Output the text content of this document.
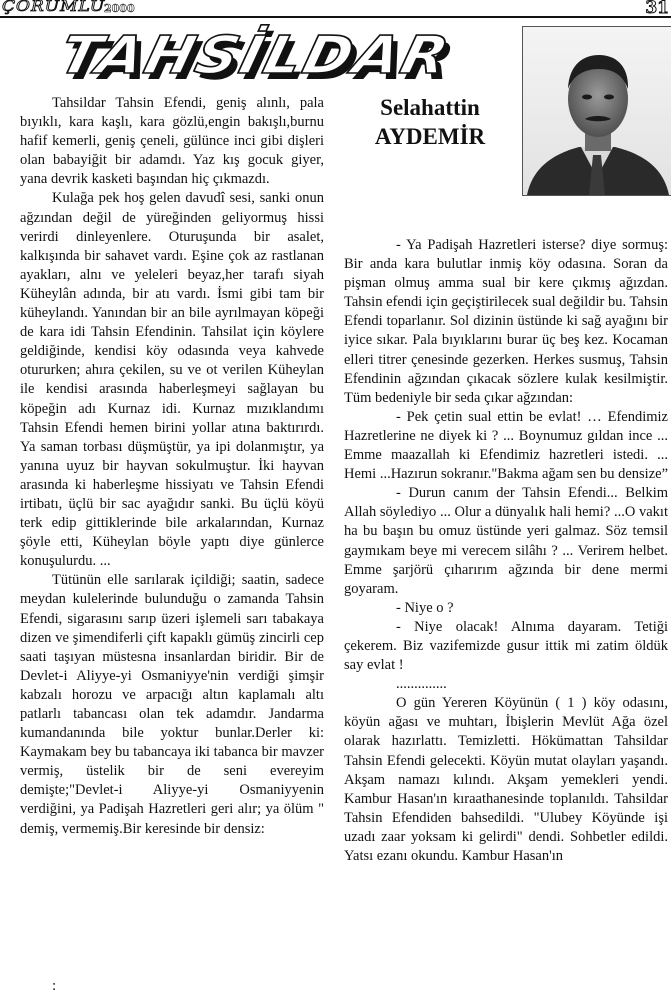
ÇORUMLU
2000	31
TAHSİLDAR
Selahattin
AYDEMİR

Tahsildar Tahsin Efendi, geniş alınlı, pala bıyıklı, kara kaşlı, kara gözlü,engin bakışlı,burnu hafif kemerli, geniş çeneli, gülünce inci gibi dişleri olan babayiğit bir adamdı. Yaz kış gocuk giyer, yana devrik kasketi başından hiç çıkmazdı.

Kulağa pek hoş gelen davudî sesi, sanki onun ağzından değil de yüreğinden geliyormuş hissi verirdi dinleyenlere. Oturuşunda bir asalet, kalkışında bir sahavet vardı. Eşine çok az rastlanan ayakları, alnı ve yeleleri beyaz,her tarafı siyah Küheylân adında, bir atı vardı. İsmi gibi tam bir küheylandı. Yanından bir an bile ayrılmayan köpeği de kara idi Tahsin Efendinin. Tahsilat için köylere geldiğinde, kendisi köy odasında veya kahvede otururken; ahıra çekilen, su ve ot verilen Küheylan ile kendisi arasında haberleşmeyi sağlayan bu köpeğin adı Kurnaz idi. Kurnaz mızıklandımı Tahsin Efendi hemen birini yollar atına baktırırdı. Ya saman torbası düşmüştür, ya ipi dolanmıştır, ya yanına uyuz bir hayvan sokulmuştur. İki hayvan arasında ki haberleşme hissiyatı ve Tahsin Efendi irtibatı, üçlü bir sac ayağıdır sanki. Bu üçlü köyü terk edip gittiklerinde bile arkalarından, Kurnaz şöyle etti, Küheylan böyle yaptı diye günlerce konuşulurdu. ...

Tütünün elle sarılarak içildiği; saatin, sadece meydan kulelerinde bulunduğu o zamanda Tahsin Efendi, sigarasını sarıp üzeri işlemeli sarı tabakaya dizen ve şimendiferli çift kapaklı gümüş zincirli cep saati taşıyan müstesna insanlardan biridir. Bir de Devlet-i Aliyye-yi Osmaniyye'nin verdiği şimşir kabzalı horozu ve arpacığı altın kaplamalı altı patlarlı tabancası olan tek adamdır. Jandarma kumandanında bile yoktur bunlar.Derler ki: Kaymakam bey bu tabancaya iki tabanca bir mavzer vermiş, üstelik bir de seni evereyim demişte;"Devlet-i Aliyye-yi Osmaniyyenin verdiğini, ya Padişah Hazretleri geri alır; ya ölüm " demiş, vermemiş.Bir keresinde bir densiz:

:

- Ya Padişah Hazretleri isterse? diye sormuş: Bir anda kara bulutlar inmiş köy odasına. Soran da pişman olmuş amma sual bir kere çıkmış ağızdan. Tahsin efendi için geçiştirilecek sual değildir bu. Tahsin Efendi toparlanır. Sol dizinin üstünde ki sağ ayağını bir iyice sıkar. Pala bıyıklarını burar üç beş kez. Kocaman elleri titrer çenesinde gezerken. Herkes susmuş, Tahsin Efendinin ağzından çıkacak sözlere kulak kesilmiştir. Tüm bedeniyle bir seda çıkar ağzından:

- Pek çetin sual ettin be evlat! … Efendimiz Hazretlerine ne diyek ki ? ... Boynumuz gıldan ince ... Emme maazallah ki Efendimiz hazretleri istedi. ... Hemi ...Hazırun sokranır."Bakma ağam sen bu densize”

- Durun canım der Tahsin Efendi... Belkim Allah söylediyo ... Olur a dünyalık hali hemi? ...O vakıt ha bu başın bu omuz üstünde yeri galmaz. Söz temsil gaymıkam beye mi verecem silâhı ? ... Verirem helbet. Emme şarjörü çıharırım ağzında bir dene mermi goyaram.

- Niye o ?

- Niye olacak! Alnıma dayaram. Tetiği çekerem. Biz vazifemizde gusur ittik mi zatim öldük say evlat !

..............

O gün Yereren Köyünün ( 1 ) köy odasını, köyün ağası ve muhtarı, İbişlerin Mevlüt Ağa özel olarak hazırlattı. Temizletti. Hökümattan Tahsildar Tahsin Efendi gelecekti. Köyün mutat olayları yaşandı. Akşam namazı kılındı. Akşam yemekleri yendi. Kambur Hasan'ın kıraathanesinde toplanıldı. Tahsildar Tahsin Efendiden bahsedildi. "Ulubey Köyünde işi uzadı zaar yoksam ki gelirdi" dendi. Sohbetler edildi. Yatsı ezanı okundu. Kambur Hasan'ın
